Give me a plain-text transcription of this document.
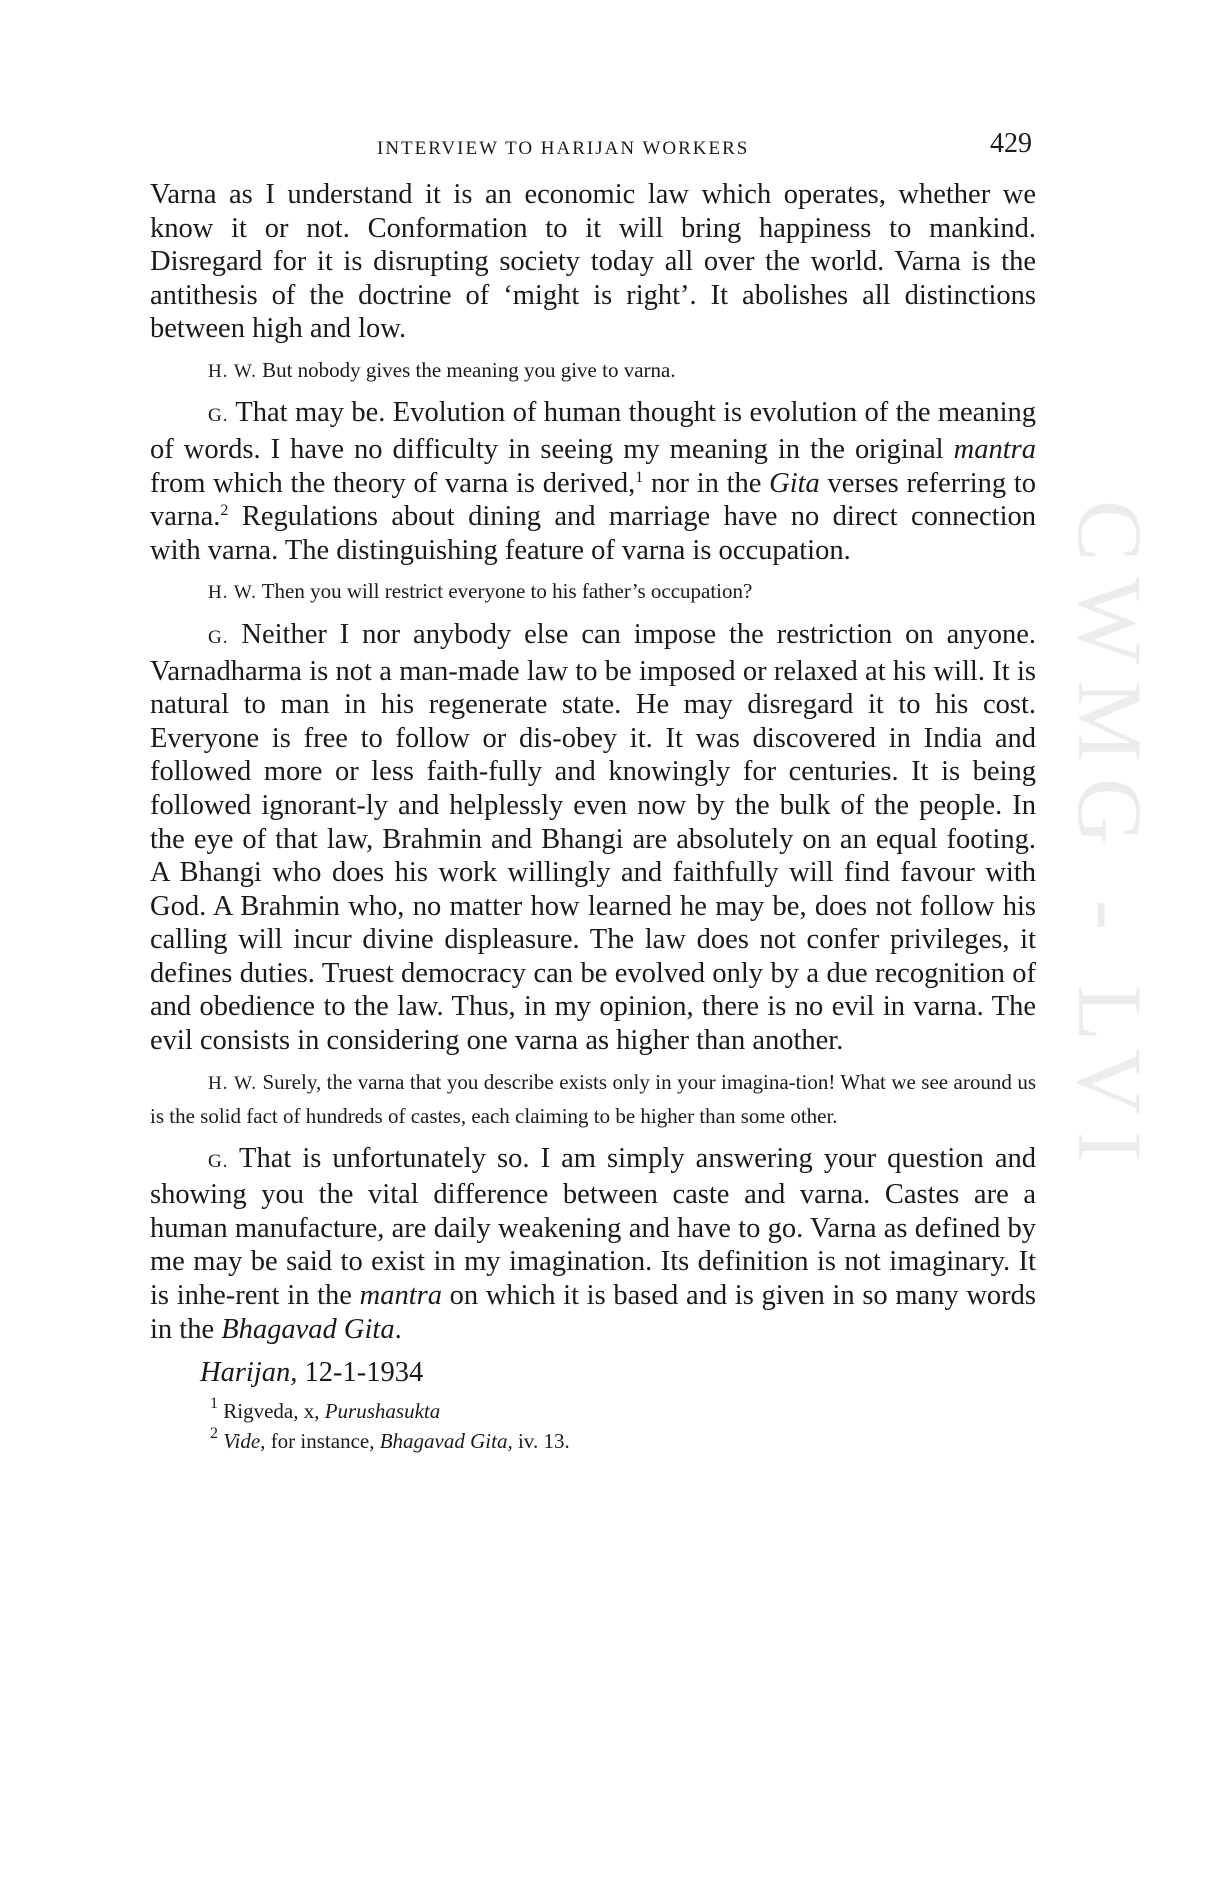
CWMG - LVI
INTERVIEW TO HARIJAN WORKERS	429

Varna as I understand it is an economic law which operates, whether we know it or not. Conformation to it will bring happiness to mankind. Disregard for it is disrupting society today all over the world. Varna is the antithesis of the doctrine of ‘might is right’. It abolishes all distinctions between high and low.

H. W. But nobody gives the meaning you give to varna.

G. That may be. Evolution of human thought is evolution of the meaning of words. I have no difficulty in seeing my meaning in the original mantra from which the theory of varna is derived,$^1$ nor in the Gita verses referring to varna.$^2$ Regulations about dining and marriage have no direct connection with varna. The distinguishing feature of varna is occupation.

H. W. Then you will restrict everyone to his father’s occupation?

G. Neither I nor anybody else can impose the restriction on anyone. Varnadharma is not a man-made law to be imposed or relaxed at his will. It is natural to man in his regenerate state. He may disregard it to his cost. Everyone is free to follow or dis-obey it. It was discovered in India and followed more or less faith-fully and knowingly for centuries. It is being followed ignorant-ly and helplessly even now by the bulk of the people. In the eye of that law, Brahmin and Bhangi are absolutely on an equal footing. A Bhangi who does his work willingly and faithfully will find favour with God. A Brahmin who, no matter how learned he may be, does not follow his calling will incur divine displeasure. The law does not confer privileges, it defines duties. Truest democracy can be evolved only by a due recognition of and obedience to the law. Thus, in my opinion, there is no evil in varna. The evil consists in considering one varna as higher than another.

H. W. Surely, the varna that you describe exists only in your imagina-tion! What we see around us is the solid fact of hundreds of castes, each claiming to be higher than some other.

G. That is unfortunately so. I am simply answering your question and showing you the vital difference between caste and varna. Castes are a human manufacture, are daily weakening and have to go. Varna as defined by me may be said to exist in my imagination. Its definition is not imaginary. It is inhe-rent in the mantra on which it is based and is given in so many words in the Bhagavad Gita.

Harijan, 12-1-1934

$^1$ Rigveda, x, Purushasukta

$^2$ Vide, for instance, Bhagavad Gita, iv. 13.
